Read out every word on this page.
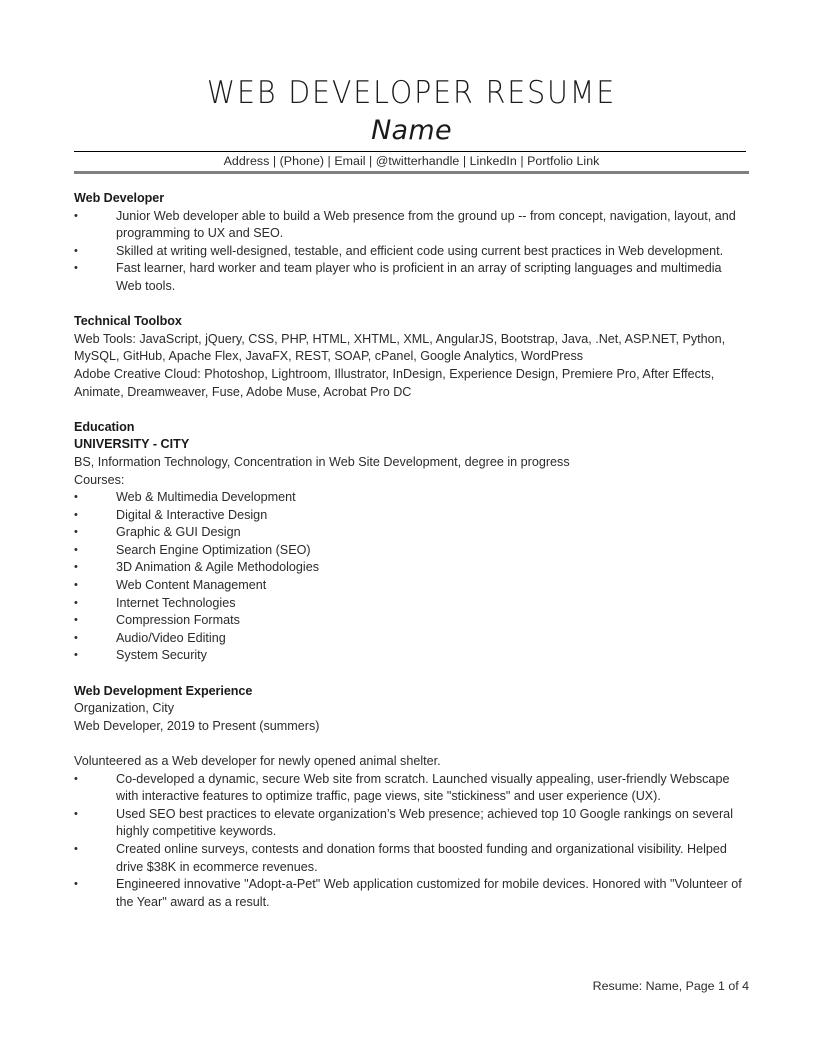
WEB DEVELOPER RESUME
Name
Address | (Phone) | Email | @twitterhandle | LinkedIn | Portfolio Link
Web Developer
• Junior Web developer able to build a Web presence from the ground up -- from concept, navigation, layout, and programming to UX and SEO.
• Skilled at writing well-designed, testable, and efficient code using current best practices in Web development.
• Fast learner, hard worker and team player who is proficient in an array of scripting languages and multimedia Web tools.
Technical Toolbox
Web Tools: JavaScript, jQuery, CSS, PHP, HTML, XHTML, XML, AngularJS, Bootstrap, Java, .Net, ASP.NET, Python, MySQL, GitHub, Apache Flex, JavaFX, REST, SOAP, cPanel, Google Analytics, WordPress
Adobe Creative Cloud: Photoshop, Lightroom, Illustrator, InDesign, Experience Design, Premiere Pro, After Effects, Animate, Dreamweaver, Fuse, Adobe Muse, Acrobat Pro DC
Education
UNIVERSITY - CITY
BS, Information Technology, Concentration in Web Site Development, degree in progress
Courses:
• Web & Multimedia Development
• Digital & Interactive Design
• Graphic & GUI Design
• Search Engine Optimization (SEO)
• 3D Animation & Agile Methodologies
• Web Content Management
• Internet Technologies
• Compression Formats
• Audio/Video Editing
• System Security
Web Development Experience
Organization, City
Web Developer, 2019 to Present (summers)
Volunteered as a Web developer for newly opened animal shelter.
• Co-developed a dynamic, secure Web site from scratch. Launched visually appealing, user-friendly Webscape with interactive features to optimize traffic, page views, site "stickiness" and user experience (UX).
• Used SEO best practices to elevate organization’s Web presence; achieved top 10 Google rankings on several highly competitive keywords.
• Created online surveys, contests and donation forms that boosted funding and organizational visibility. Helped drive $38K in ecommerce revenues.
• Engineered innovative "Adopt-a-Pet" Web application customized for mobile devices. Honored with "Volunteer of the Year" award as a result.
Resume: Name, Page 1 of 4
